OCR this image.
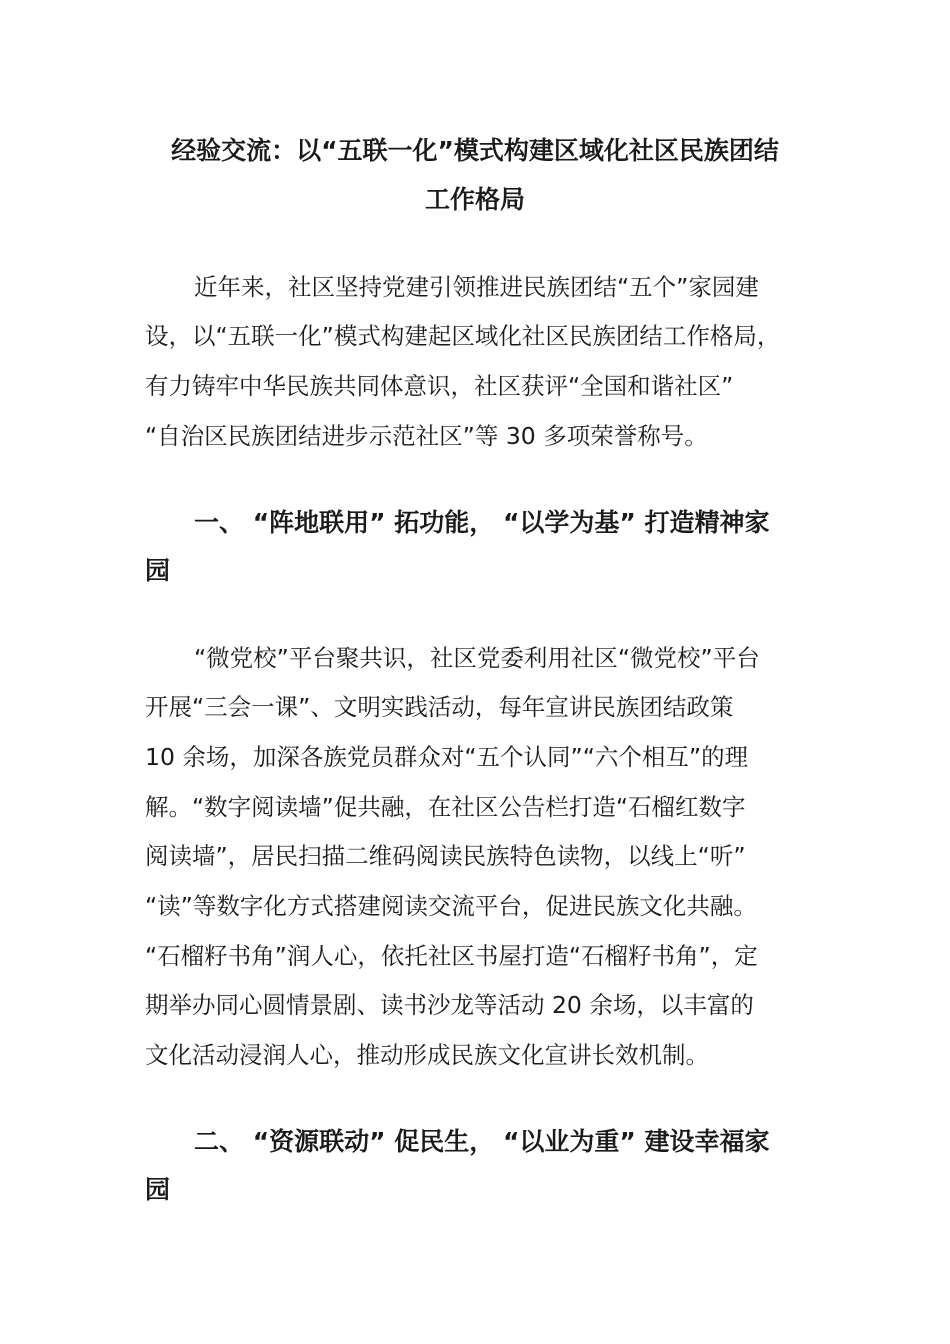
经验交流：以“五联一化”模式构建区域化社区民族团结
工作格局
近年来，社区坚持党建引领推进民族团结“五个”家园建
设，以“五联一化”模式构建起区域化社区民族团结工作格局，
有力铸牢中华民族共同体意识，社区获评“全国和谐社区”
“自治区民族团结进步示范社区”等 30 多项荣誉称号。
一、 “阵地联用” 拓功能， “以学为基” 打造精神家
园
“微党校”平台聚共识，社区党委利用社区“微党校”平台
开展“三会一课”、文明实践活动，每年宣讲民族团结政策
10 余场，加深各族党员群众对“五个认同”“六个相互”的理
解。“数字阅读墙”促共融，在社区公告栏打造“石榴红数字
阅读墙”，居民扫描二维码阅读民族特色读物，以线上“听”
“读”等数字化方式搭建阅读交流平台，促进民族文化共融。
“石榴籽书角”润人心，依托社区书屋打造“石榴籽书角”，定
期举办同心圆情景剧、读书沙龙等活动 20 余场，以丰富的
文化活动浸润人心，推动形成民族文化宣讲长效机制。
二、 “资源联动” 促民生， “以业为重” 建设幸福家
园
